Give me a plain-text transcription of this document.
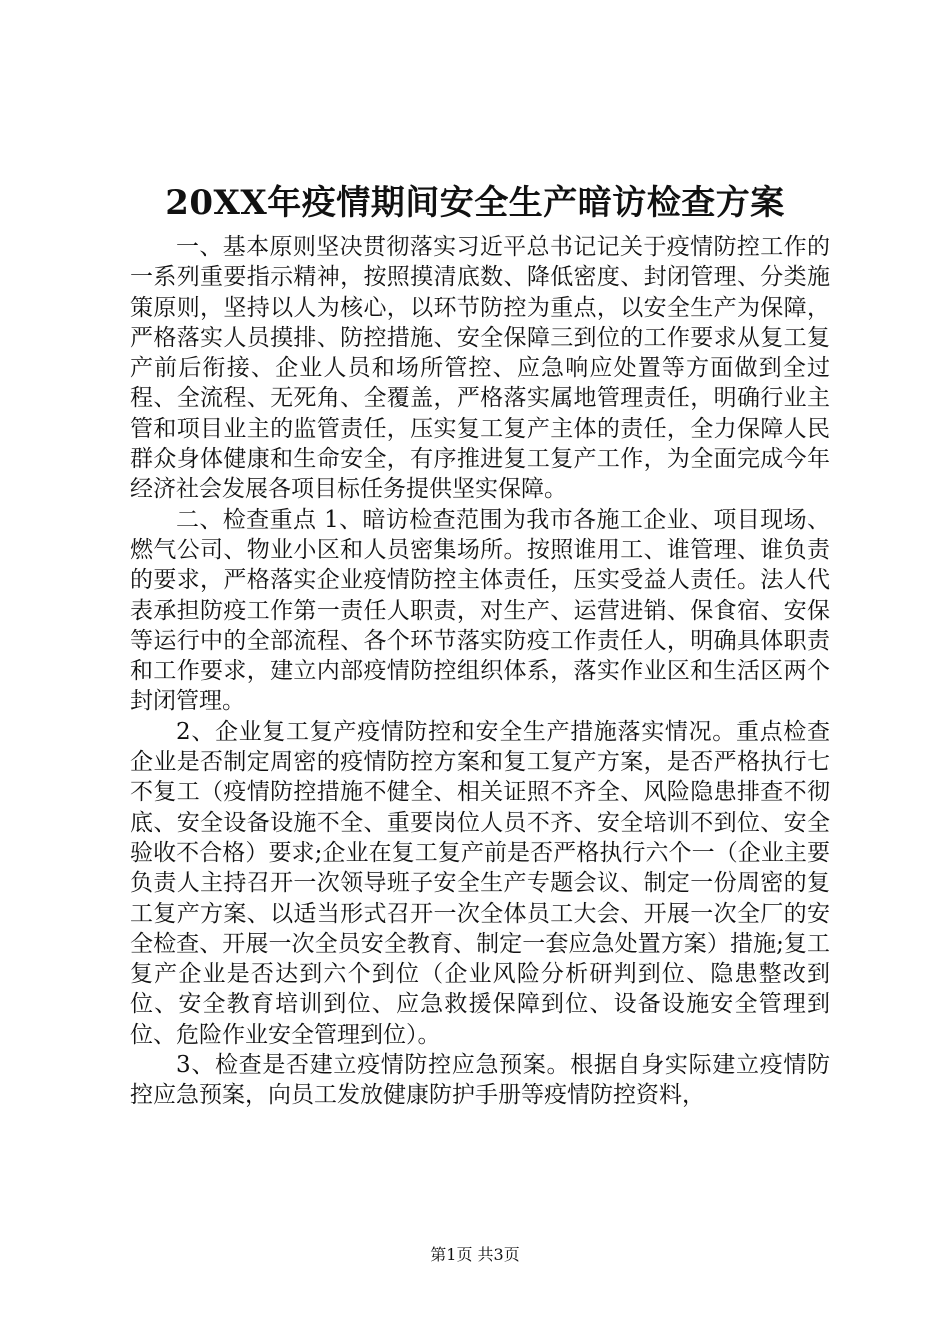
20XX年疫情期间安全生产暗访检查方案

一、基本原则坚决贯彻落实习近平总书记记关于疫情防控工作的一系列重要指示精神，按照摸清底数、降低密度、封闭管理、分类施策原则，坚持以人为核心，以环节防控为重点，以安全生产为保障，严格落实人员摸排、防控措施、安全保障三到位的工作要求从复工复产前后衔接、企业人员和场所管控、应急响应处置等方面做到全过程、全流程、无死角、全覆盖，严格落实属地管理责任，明确行业主管和项目业主的监管责任，压实复工复产主体的责任，全力保障人民群众身体健康和生命安全，有序推进复工复产工作，为全面完成今年经济社会发展各项目标任务提供坚实保障。

二、检查重点 1、暗访检查范围为我市各施工企业、项目现场、燃气公司、物业小区和人员密集场所。按照谁用工、谁管理、谁负责的要求，严格落实企业疫情防控主体责任，压实受益人责任。法人代表承担防疫工作第一责任人职责，对生产、运营进销、保食宿、安保等运行中的全部流程、各个环节落实防疫工作责任人，明确具体职责和工作要求，建立内部疫情防控组织体系，落实作业区和生活区两个封闭管理。

2、企业复工复产疫情防控和安全生产措施落实情况。重点检查企业是否制定周密的疫情防控方案和复工复产方案，是否严格执行七不复工（疫情防控措施不健全、相关证照不齐全、风险隐患排查不彻底、安全设备设施不全、重要岗位人员不齐、安全培训不到位、安全验收不合格）要求;企业在复工复产前是否严格执行六个一（企业主要负责人主持召开一次领导班子安全生产专题会议、制定一份周密的复工复产方案、以适当形式召开一次全体员工大会、开展一次全厂的安全检查、开展一次全员安全教育、制定一套应急处置方案）措施;复工复产企业是否达到六个到位（企业风险分析研判到位、隐患整改到位、安全教育培训到位、应急救援保障到位、设备设施安全管理到位、危险作业安全管理到位）。

3、检查是否建立疫情防控应急预案。根据自身实际建立疫情防控应急预案，向员工发放健康防护手册等疫情防控资料，

第1页 共3页
